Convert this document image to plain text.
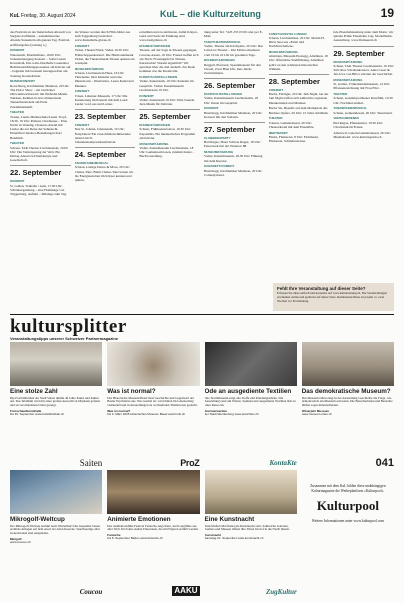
KuL Freitag, 30. August 2024	KuL – die Kulturzeitung	19

des Festivals in der malerischen Altstadt von Sargans darfthema – ausnahmsweise Abende Sunsetteln am ganzen Tag. Festival-eröffnungsfest (Leitung a.)

KONZERT

Walenstadt, Monthelltaus, 16.00 Uhr: Sonnenuntergang Konzert – Solist Lukaš Kontrabaß, Das wahr-fabelhafte Lauentaler Bezirksausbildungsposaunen am Klavier auf – begleitet mit berenem berengeordnet am Sonntag Konstellation.

MUSIK/KONZERT

Rorschberg, Kirchhelmer Musikon, 20 Uhr: The Dolor Show – ein verrückter Ohrwurmwettbewerb mit fünfzehn Musik-Stücken, Kellnen in den schmerzende Tannenbaum-hebt am Ende Zusammenkunft.

THEATER

Trasan, Lauth, Musikschule/Leuter Tropf, 18.30, 19 Uhr: Pamous Charmeuse – Eine Nacht in Venedig, Chanson-Abend mit Lieder die zur Reise der Sehnsucht, Ehrenfried Jakober-Bestellungen Karl Bandimir.

THEATER

Schaan, TAK Theater Liechtenstein, 19.00 Uhr: Die Verkörperung der Welt. Ein Dialog-Abend zu Dramaturgie und Gesellschaft.

22. September
KONZERT

St. Gallen, Tonhalle / Aula, 17.00 Uhr: Schönbergzeitung – eine Hommage von Triggerburg, Auftakt – Mitsinge zum Tag.

ins Wasser werden durch Film-bilder aus dem Toggenburg bereichert. www.Kunsthalle-glarus.ch

KONZERT

Vaduz, Theater/Werk, Vaduz 10.30 Uhr: Frühschoppenkonzert. Die Harmoniemusik Vaduz, die Theatermusik Triesen spielen ein Gastspiel.

MUSEUM/FÜHRUNG

Schaan, Liechtenstein Haus, 16 Uhr: Tinteneiter, Drei Künstler und eine Illustratorin – Illustration, Lesen Kunst und Musiker.

KONZERT

Trisen, Lüterner-Museum, 17 Uhr: Die Kuratierung im Kontext mit dem Lead: Lieder von Lass und Lerner.

23. September
KONZERT

Neu St. Johann, Johanneum, 19 Uhr: Festplatten! Ein zwerchfellerschütternder Abend am St. Johanneskompositionsfestival.

24. September
TANZ/BÜHNE/MUSICAL

Schaan, Lustige Dance & More, 20 Uhr: Chalea-Tanz. Beim Chalea-Tanz lernen wir die Energiezentren im Körper kennen und spüren.

en kühlen und zu aktivieren, damit Körper, Geist und Seele im Einklang sind. www.lustigdance.ch

BÜHNE/FÜHRUNGEN

Triesen, auf der Saga in Triesen gegangen, Lawena-Ausen, 16 Uhr: Frauen treffen sich am Tisch. Frauengipfel in Triesen, Kurzstation! Warum eigentlich? Wir sprechen über die drei deshalb. Zur Rede kommen wie die Kreativität.

KUNST/AUSSTELLUNGEN

Vaduz, Kunstraum, 19 Uhr: Kunstler im Gespräch. Vaduz: Kunstmuseum Liechtenstein 19 Uhr.

KONZERT

Vaduz, Kunstraum 19 Uhr: Welt-Sounds. Jazz-Musik für Zuhören.

25. September
BÜHNE/FÜHRUNGEN

Schaan, Frühkonzertsalon, 19.30 Uhr: Kapazitäts. Ein musikalisches Programm am Klavier.

MUSEUM/FÜHRUNG

Vaduz, Kunstmuseum Liechtenstein, 18 Uhr: Gemeinsam lesen, rundum Kunst – Buchvorstellung.

dung unter Tel. +423 235 03 00 oder per E-Mail.

TANZ/THEATER/MUSICAL

Vaduz, Theater am Kirchplatz, 20 Uhr: Das Leben ist Theater – Die Mittwochsabend vom 16 bis 22 Uhr im gesamten Tage.

BÜHNE/FÜHRUNGEN

Ruggell, Pfarrsaal, Spezialkonzert für den Choral, Zwei Blue Uhr, Ines Jakob-Zwiebelmann.

26. September
KUNST/AUSSTELLUNGEN

Vaduz, Kunstmuseum Liechtenstein, 18 Uhr: Kunst im Gespräch.

KONZERT

Heerbrugg, Kirchhelmer Musikon, 20 Uhr: Konzert mit den Solisten.

27. September
CLUBBING/PARTY

Bad Ragaz, Hotel Schloss Ragaz, 18 Uhr: Feuerwerk mit der Tentance 88.

MUSEUM/FÜHRUNG

Vaduz, Kunstmuseum, 18.30 Uhr: Führung mit dem Kurator.

KABARETT/COMEDY

Heerbrugg, Kirchhelmer Musikon, 20 Uhr: Comedyabend.

KUNST/AUSSTELLUNGEN

Schaan, Liechtenhaus, 20 Uhr: Martin H. Dievi liest aus «Fabel und Nachbarschaften».

MUSEUM/FÜHRUNG

Altstätten, Museum Prestegg, Altstätten, 18 Uhr: öffentliche Stadtführung. Altstätten geht's zu den schönsten historischen Winkeln.

28. September
KONZERT

Buchs, Fabrigut, 20 Uhr: Jam Night, bei der Jam Night treffen sich zahlreiche regionale Musikerinnen und Musiker.

Buchs SG, Benefiz auf dem Marktplatz des Buchser Opfers, 20 Uhr: 15 Jahre Jubiläum.

THEATER

Triesen, Gemeindesaal, 20 Uhr: Theaterabend mit dem Ensemble.

MEETMARKT

Flums, Flumserei, 8 Uhr: Flohmarkt, Flumserei, Schlieferstrasse.

fels-Eisenbahnzeitung unter dem Motto: wir spielen Prime Eisenbahn Cup, Modellbahn-Ausstellung. www.flumsereii.ch

29. September
MUSEUM/FÜHRUNG

Schaan, TAK Theater Liechtenstein, 16 Uhr: Stilvolles Schaltenkonzert. Anna Cesar & Jan-Uwe von Bibor schaltet der Geschichte.

MUSEUM/FÜHRUNG

St. Gallen, Völkerkundemuseum, 14 Uhr: Pflanzenzeichnung mit Frau Fritz.

THEATER

Schaan, Ganzkörpertheater Kurzfilm, 19.30 Uhr: Nochmal einmal.

TANZ/BÜHNE/MUSICAL

Schaan, Gemeindesaal, 20 Uhr: Tanzabend.

VERSCHIEDENES

Bad Ragaz, Pfannenstiel, 19.30 Uhr: Chormusik im Freien.

Alberswil, Galerie/Gemeindesaal, 20 Uhr: Musikabend. www.kulturagenda.ch

Fehlt Ihre Veranstaltung auf dieser Seite?
Erfassen Sie diese einfach und kostenlos auf www.kulturzeitung.ch. Die Veranstaltungen erscheinen online und gedruckt auf dieser Seite. Redaktionsschluss ist jeweils ca. zwei Wochen vor Erscheinung.
kultursplitter
Veranstaltungstipps unserer Schweizer Partnermagazine
Eine stolze Zahl
Die Fotobibliothek der Stadt Saiten nimmt 40 Jahre Kunst und Kultur auf. Das Jubiläum wird mit einer großen Auswahl an Objekten gefeiert und an verschiedenen Orten gezeigt.
Fotoschau/Kunsthalle
bis 30. September www.fotobibliothek.ch
Saiten
Was ist normal?
Das Historische Museum Basel lässt Geschichte und Gegenwart der Basler Psychiatrie aus. Was normal ist, wird mitten im Lebensalltag verhandelt und in Ausstellungen zu wechselnden Themen neu gedacht.
Was ist normal?
bis 9. März 2025 Historisches Museum Basel www.hmb.ch
ProZ
Ode an ausgediente Textilien
Das Textilmuseum zeigt alte Stoffe und Kleidungsstücke. Die Ausstellung rund um Weben, Spinnen und ausgediente Textilien lädt zu einer Reise ein.
Sommerwerden
der Stadt Werdenberg www.ansichten.ch
KontaKte
Das demokratische Museum?
Das Museum Olten zeigt in der Ausstellung Geschichte die Frage, wie demokratisch ein Museum sein kann. Die Besucherinnen und Besucher dürfen sogar mitentscheiden.
Oltnerjahr Museum
www.museum-olten.ch
041
Mikrogolf-Weltcup
Der Mikrogolf-Weltcup kommt nach Winterthur! Die Aussteller bauen erstmals Anlagen auf dem Areal der Alten Kaserne. Spielfreudige aller Generationen sind eingeladen.
Minigolf
www.coucou.ch
Coucou
Animierte Emotionen
Das Animationsfilm-Festival Fantoche zeigt Kurz- und Langfilme aus aller Welt. Im Fokus stehen Emotionen, die mit Figuren erzählt werden.
Fantoche
bis 8. September Baden www.fantoche.ch
AAKU
Eine Kunstnacht
Zum fünften Mal findet die Kunstnacht statt. Zahlreiche Galerien, Ateliers und Museen öffnen ihre Türen bis tief in die Nacht hinein.
Kunstnacht
Samstag 21. September www.kunstnacht.ch
ZugKultur
Zusammen mit dem KuL bilden diese unabhängigen Kulturmagazine die Werbeplattform «Kulturpool».
Kulturpool
Weitere Informationen unter www.kulturpool.com
